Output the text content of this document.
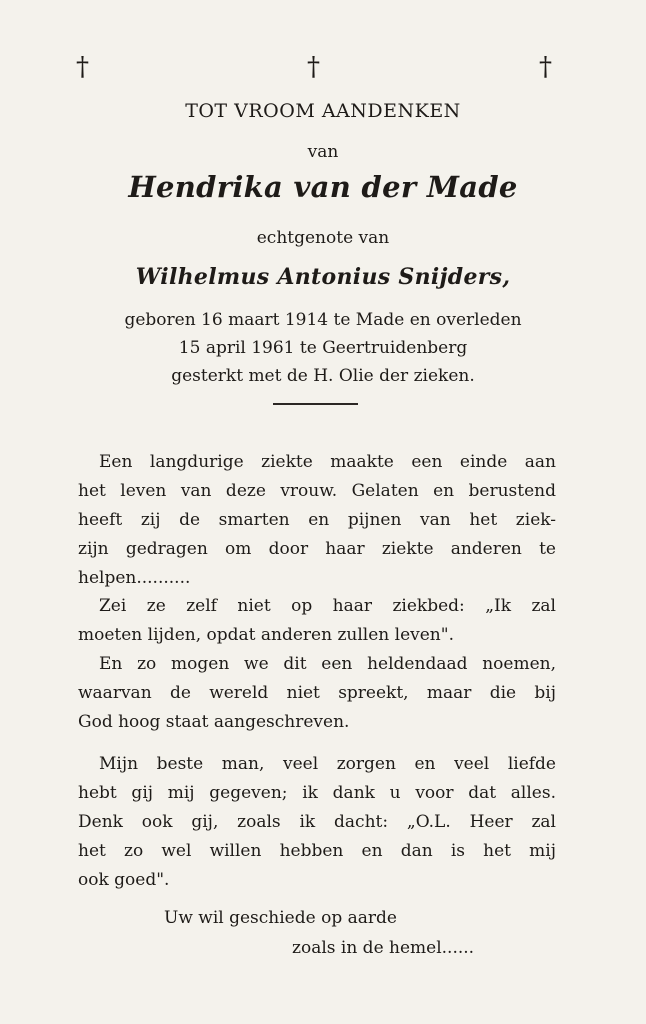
†	†	†
TOT VROOM AANDENKEN
van
Hendrika van der Made
echtgenote van
Wilhelmus Antonius Snijders,
geboren 16 maart 1914 te Made en overleden
15 april 1961 te Geertruidenberg
gesterkt met de H. Olie der zieken.
Een langdurige ziekte maakte een einde aan
het leven van deze vrouw. Gelaten en berustend
heeft zij de smarten en pijnen van het ziek-
zijn gedragen om door haar ziekte anderen te
helpen..........
Zei ze zelf niet op haar ziekbed: „Ik zal
moeten lijden, opdat anderen zullen leven".
En zo mogen we dit een heldendaad noemen,
waarvan de wereld niet spreekt, maar die bij
God hoog staat aangeschreven.
Mijn beste man, veel zorgen en veel liefde
hebt gij mij gegeven; ik dank u voor dat alles.
Denk ook gij, zoals ik dacht: „O.L. Heer zal
het zo wel willen hebben en dan is het mij
ook goed".
Uw wil geschiede op aarde
zoals in de hemel......
